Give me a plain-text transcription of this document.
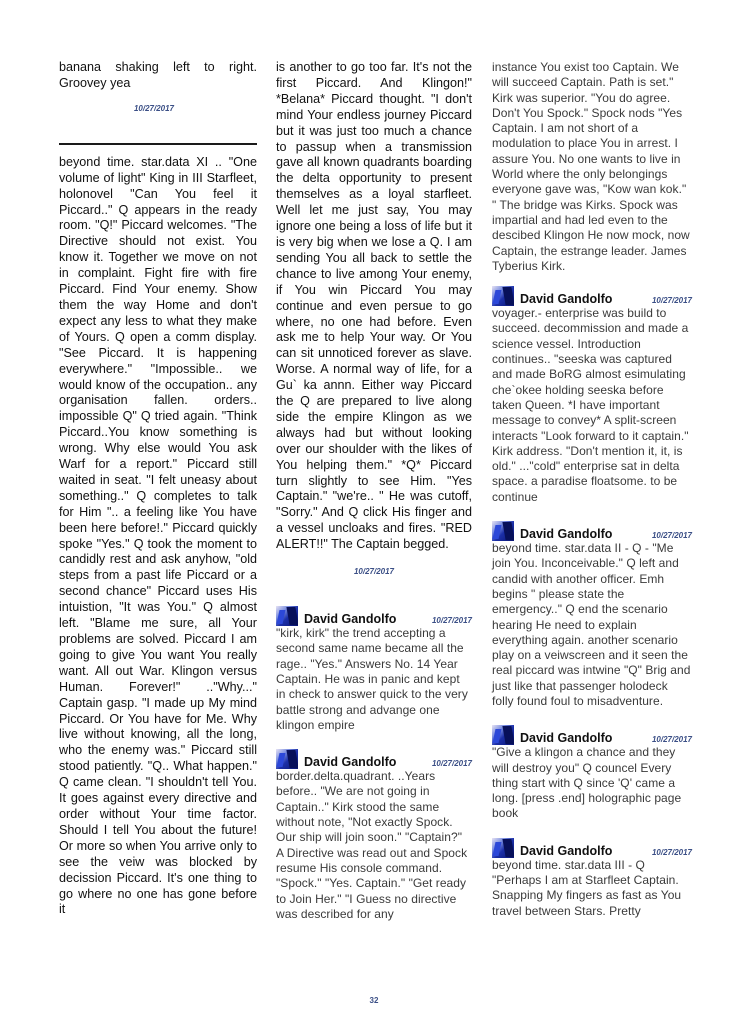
banana shaking left to right. Groovey yea

10/27/2017

beyond time. star.data XI .. "One volume of light" King in III Starfleet, holonovel "Can You feel it Piccard.." Q appears in the ready room. "Q!" Piccard welcomes. "The Directive should not exist. You know it. Together we move on not in complaint. Fight fire with fire Piccard. Find Your enemy. Show them the way Home and don't expect any less to what they make of Yours. Q open a comm display. "See Piccard. It is happening everywhere." "Impossible.. we would know of the occupation.. any organisation fallen. orders.. impossible Q" Q tried again. "Think Piccard..You know something is wrong. Why else would You ask Warf for a report." Piccard still waited in seat. "I felt uneasy about something.." Q completes to talk for Him ".. a feeling like You have been here before!." Piccard quickly spoke "Yes." Q took the moment to candidly rest and ask anyhow, "old steps from a past life Piccard or a second chance" Piccard uses His intuistion, "It was You." Q almost left. "Blame me sure, all Your problems are solved. Piccard I am going to give You want You really want. All out War. Klingon versus Human. Forever!" .."Why..." Captain gasp. "I made up My mind Piccard. Or You have for Me. Why live without knowing, all the long, who the enemy was." Piccard still stood patiently. "Q.. What happen." Q came clean. "I shouldn't tell You. It goes against every directive and order without Your time factor. Should I tell You about the future! Or more so when You arrive only to see the veiw was blocked by decission Piccard. It's one thing to go where no one has gone before it

is another to go too far. It's not the first Piccard. And Klingon!" *Belana* Piccard thought. "I don't mind Your endless journey Piccard but it was just too much a chance to passup when a transmission gave all known quadrants boarding the delta opportunity to present themselves as a loyal starfleet. Well let me just say, You may ignore one being a loss of life but it is very big when we lose a Q. I am sending You all back to settle the chance to live among Your enemy, if You win Piccard You may continue and even persue to go where, no one had before. Even ask me to help Your way. Or You can sit unnoticed forever as slave. Worse. A normal way of life, for a Gu` ka annn. Either way Piccard the Q are prepared to live along side the empire Klingon as we always had but without looking over our shoulder with the likes of You helping them." *Q* Piccard turn slightly to see Him. "Yes Captain." "we're.. " He was cutoff, "Sorry." And Q click His finger and a vessel uncloaks and fires. "RED ALERT!!" The Captain begged.

10/27/2017
David Gandolfo	10/27/2017

"kirk, kirk" the trend accepting a second same name became all the rage.. "Yes." Answers No. 14 Year Captain. He was in panic and kept in check to answer quick to the very battle strong and advange one klingon empire

David Gandolfo	10/27/2017

border.delta.quadrant. ..Years before.. "We are not going in Captain.." Kirk stood the same without note, "Not exactly Spock. Our ship will join soon." "Captain?" A Directive was read out and Spock resume His console command. "Spock." "Yes. Captain." "Get ready to Join Her." "I Guess no directive was described for any

instance You exist too Captain. We will succeed Captain. Path is set." Kirk was superior. "You do agree. Don't You Spock." Spock nods "Yes Captain. I am not short of a modulation to place You in arrest. I assure You. No one wants to live in World where the only belongings everyone gave was, "Kow wan kok." " The bridge was Kirks. Spock was impartial and had led even to the descibed Klingon He now mock, now Captain, the estrange leader. James Tyberius Kirk.

David Gandolfo	10/27/2017

voyager.- enterprise was build to succeed. decommission and made a science vessel. Introduction continues.. "seeska was captured and made BoRG almost esimulating che`okee holding seeska before taken Queen. *I have important message to convey* A split-screen interacts "Look forward to it captain." Kirk address. "Don't mention it, it, is old." ..."cold" enterprise sat in delta space. a paradise floatsome. to be continue

David Gandolfo	10/27/2017

beyond time. star.data II - Q - "Me join You. Inconceivable." Q left and candid with another officer. Emh begins " please state the emergency.." Q end the scenario hearing He need to explain everything again. another scenario play on a veiwscreen and it seen the real piccard was intwine "Q" Brig and just like that passenger holodeck folly found foul to misadventure.

David Gandolfo	10/27/2017

"Give a klingon a chance and they will destroy you" Q councel Every thing start with Q since 'Q' came a long. [press .end] holographic page book

David Gandolfo	10/27/2017

beyond time. star.data III - Q "Perhaps I am at Starfleet Captain. Snapping My fingers as fast as You travel between Stars. Pretty

32
